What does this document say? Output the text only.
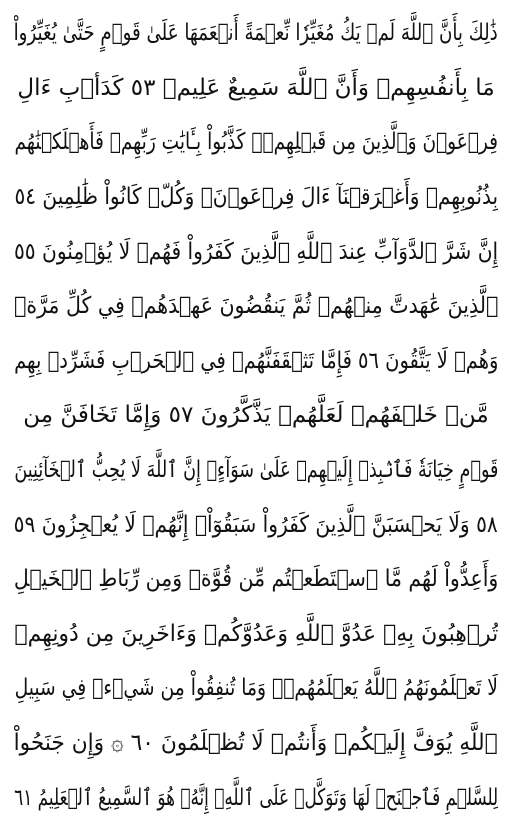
ذَٰلِكَ بِأَنَّ ٱللَّهَ لَمۡ يَكُ مُغَيِّرٗا نِّعۡمَةً أَنۡعَمَهَا عَلَىٰ قَوۡمٍ حَتَّىٰ يُغَيِّرُواْ
مَا بِأَنفُسِهِمۡ وَأَنَّ ٱللَّهَ سَمِيعٌ عَلِيمٞ ٥٣ كَدَأۡبِ ءَالِ
فِرۡعَوۡنَ وَٱلَّذِينَ مِن قَبۡلِهِمۡۚ كَذَّبُواْ بِـَٔايَٰتِ رَبِّهِمۡ فَأَهۡلَكۡنَٰهُم
بِذُنُوبِهِمۡ وَأَغۡرَقۡنَآ ءَالَ فِرۡعَوۡنَۚ وَكُلّٞ كَانُواْ ظَٰلِمِينَ ٥٤
إِنَّ شَرَّ ٱلدَّوَآبِّ عِندَ ٱللَّهِ ٱلَّذِينَ كَفَرُواْ فَهُمۡ لَا يُؤۡمِنُونَ ٥٥
ٱلَّذِينَ عَٰهَدتَّ مِنۡهُمۡ ثُمَّ يَنقُضُونَ عَهۡدَهُمۡ فِي كُلِّ مَرَّةٖ
وَهُمۡ لَا يَتَّقُونَ ٥٦ فَإِمَّا تَثۡقَفَنَّهُمۡ فِي ٱلۡحَرۡبِ فَشَرِّدۡ بِهِم
مَّنۡ خَلۡفَهُمۡ لَعَلَّهُمۡ يَذَّكَّرُونَ ٥٧ وَإِمَّا تَخَافَنَّ مِن
قَوۡمٍ خِيَانَةٗ فَٱنۢبِذۡ إِلَيۡهِمۡ عَلَىٰ سَوَآءٍۚ إِنَّ ٱللَّهَ لَا يُحِبُّ ٱلۡخَآئِنِينَ
٥٨ وَلَا يَحۡسَبَنَّ ٱلَّذِينَ كَفَرُواْ سَبَقُوٓاْۚ إِنَّهُمۡ لَا يُعۡجِزُونَ ٥٩
وَأَعِدُّواْ لَهُم مَّا ٱسۡتَطَعۡتُم مِّن قُوَّةٖ وَمِن رِّبَاطِ ٱلۡخَيۡلِ
تُرۡهِبُونَ بِهِۦ عَدُوَّ ٱللَّهِ وَعَدُوَّكُمۡ وَءَاخَرِينَ مِن دُونِهِمۡ
لَا تَعۡلَمُونَهُمُ ٱللَّهُ يَعۡلَمُهُمۡۚ وَمَا تُنفِقُواْ مِن شَيۡءٖ فِي سَبِيلِ
ٱللَّهِ يُوَفَّ إِلَيۡكُمۡ وَأَنتُمۡ لَا تُظۡلَمُونَ ٦٠ ۞ وَإِن جَنَحُواْ
لِلسَّلۡمِ فَٱجۡنَحۡ لَهَا وَتَوَكَّلۡ عَلَى ٱللَّهِۚ إِنَّهُۥ هُوَ ٱلسَّمِيعُ ٱلۡعَلِيمُ ٦١
